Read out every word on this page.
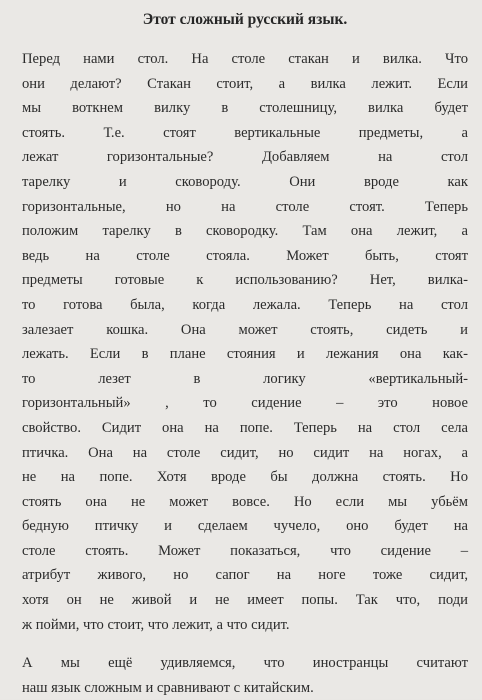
Этот сложный русский язык.
Перед нами стол. На столе стакан и вилка. Что
они делают? Стакан стоит, а вилка лежит. Если
мы воткнем вилку в столешницу, вилка будет
стоять. Т.е. стоят вертикальные предметы, а
лежат горизонтальные? Добавляем на стол
тарелку и сковороду. Они вроде как
горизонтальные, но на столе стоят. Теперь
положим тарелку в сковородку. Там она лежит, а
ведь на столе стояла. Может быть, стоят
предметы готовые к использованию? Нет, вилка-
то готова была, когда лежала. Теперь на стол
залезает кошка. Она может стоять, сидеть и
лежать. Если в плане стояния и лежания она как-
то лезет в логику «вертикальный-
горизонтальный» , то сидение – это новое
свойство. Сидит она на попе. Теперь на стол села
птичка. Она на столе сидит, но сидит на ногах, а
не на попе. Хотя вроде бы должна стоять. Но
стоять она не может вовсе. Но если мы убьём
бедную птичку и сделаем чучело, оно будет на
столе стоять. Может показаться, что сидение –
атрибут живого, но сапог на ноге тоже сидит,
хотя он не живой и не имеет попы. Так что, поди
ж пойми, что стоит, что лежит, а что сидит.
А мы ещё удивляемся, что иностранцы считают
наш язык сложным и сравнивают с китайским.
